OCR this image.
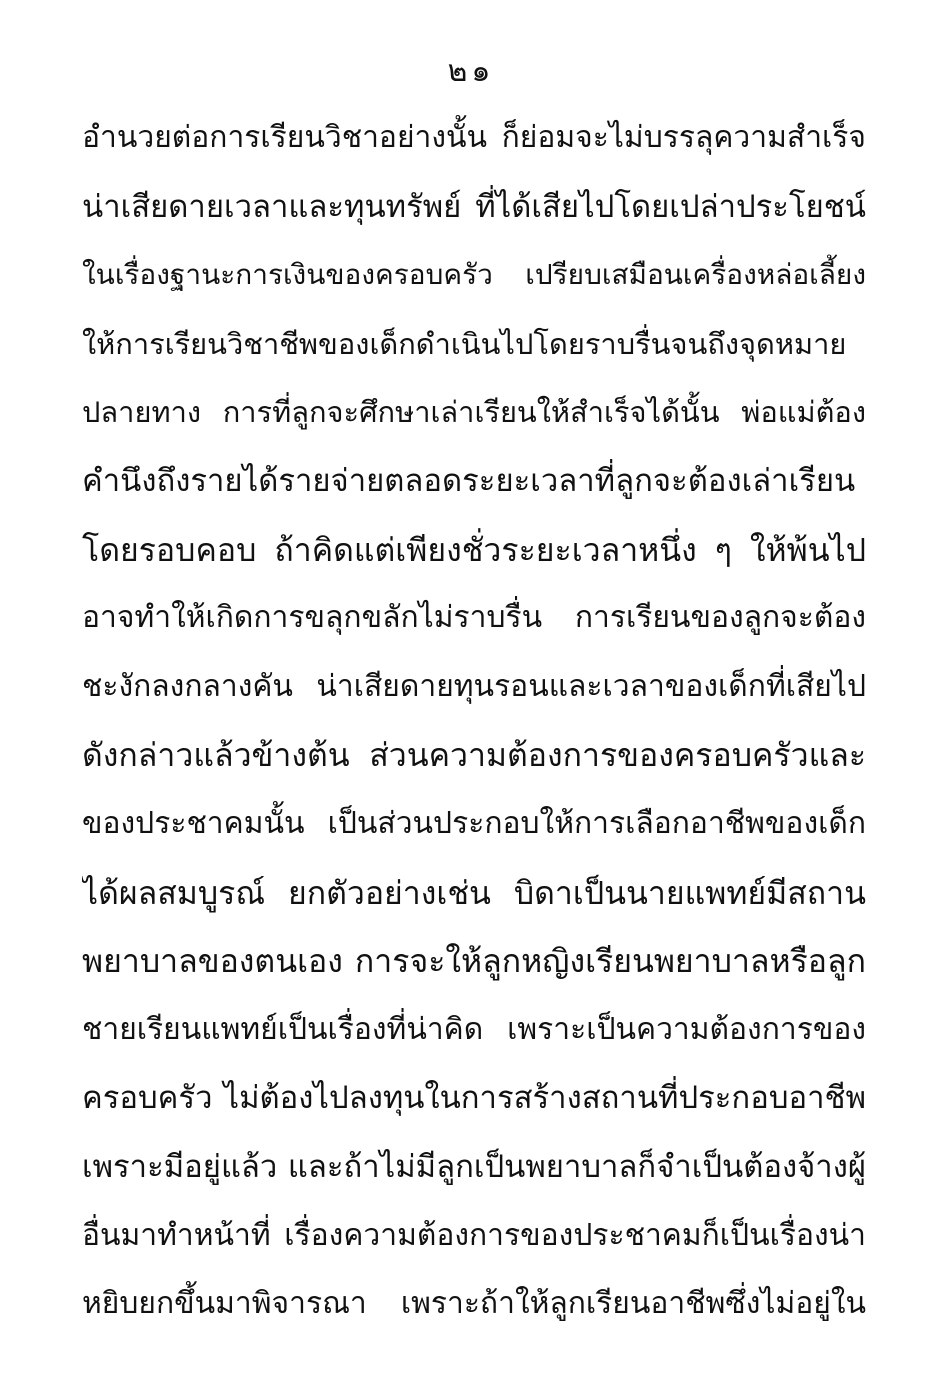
๒๑
อำนวยต่อการเรียนวิชาอย่างนั้น ก็ย่อมจะไม่บรรลุความสำเร็จ
น่าเสียดายเวลาและทุนทรัพย์ ที่ได้เสียไปโดยเปล่าประโยชน์
ในเรื่องฐานะการเงินของครอบครัว เปรียบเสมือนเครื่องหล่อเลี้ยง
ให้การเรียนวิชาชีพของเด็กดำเนินไปโดยราบรื่นจนถึงจุดหมาย
ปลายทาง การที่ลูกจะศึกษาเล่าเรียนให้สำเร็จได้นั้น พ่อแม่ต้อง
คำนึงถึงรายได้รายจ่ายตลอดระยะเวลาที่ลูกจะต้องเล่าเรียน
โดยรอบคอบ ถ้าคิดแต่เพียงชั่วระยะเวลาหนึ่ง ๆ ให้พ้นไป
อาจทำให้เกิดการขลุกขลักไม่ราบรื่น การเรียนของลูกจะต้อง
ชะงักลงกลางคัน น่าเสียดายทุนรอนและเวลาของเด็กที่เสียไป
ดังกล่าวแล้วข้างต้น ส่วนความต้องการของครอบครัวและ
ของประชาคมนั้น เป็นส่วนประกอบให้การเลือกอาชีพของเด็ก
ได้ผลสมบูรณ์ ยกตัวอย่างเช่น บิดาเป็นนายแพทย์มีสถาน
พยาบาลของตนเอง การจะให้ลูกหญิงเรียนพยาบาลหรือลูก
ชายเรียนแพทย์เป็นเรื่องที่น่าคิด เพราะเป็นความต้องการของ
ครอบครัว ไม่ต้องไปลงทุนในการสร้างสถานที่ประกอบอาชีพ
เพราะมีอยู่แล้ว และถ้าไม่มีลูกเป็นพยาบาลก็จำเป็นต้องจ้างผู้
อื่นมาทำหน้าที่ เรื่องความต้องการของประชาคมก็เป็นเรื่องน่า
หยิบยกขึ้นมาพิจารณา เพราะถ้าให้ลูกเรียนอาชีพซึ่งไม่อยู่ใน
